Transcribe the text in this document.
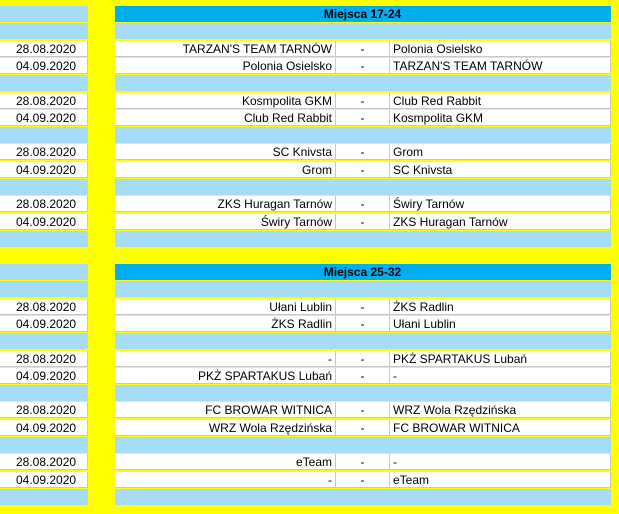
Miejsca 17-24
28.08.2020	TARZAN'S TEAM TARNÓW	-	Polonia Osielsko
04.09.2020	Polonia Osielsko	-	TARZAN'S TEAM TARNÓW
28.08.2020	Kosmpolita GKM	-	Club Red Rabbit
04.09.2020	Club Red Rabbit	-	Kosmpolita GKM
28.08.2020	SC Knivsta	-	Grom
04.09.2020	Grom	-	SC Knivsta
28.08.2020	ZKS Huragan Tarnów	-	Świry Tarnów
04.09.2020	Świry Tarnów	-	ZKS Huragan Tarnów
Miejsca 25-32
28.08.2020	Ułani Lublin	-	ŻKS Radlin
04.09.2020	ŻKS Radlin	-	Ułani Lublin
28.08.2020	-	-	PKŻ SPARTAKUS Lubań
04.09.2020	PKŻ SPARTAKUS Lubań	-	-
28.08.2020	FC BROWAR WITNICA	-	WRZ Wola Rzędzińska
04.09.2020	WRZ Wola Rzędzińska	-	FC BROWAR WITNICA
28.08.2020	eTeam	-	-
04.09.2020	-	-	eTeam
